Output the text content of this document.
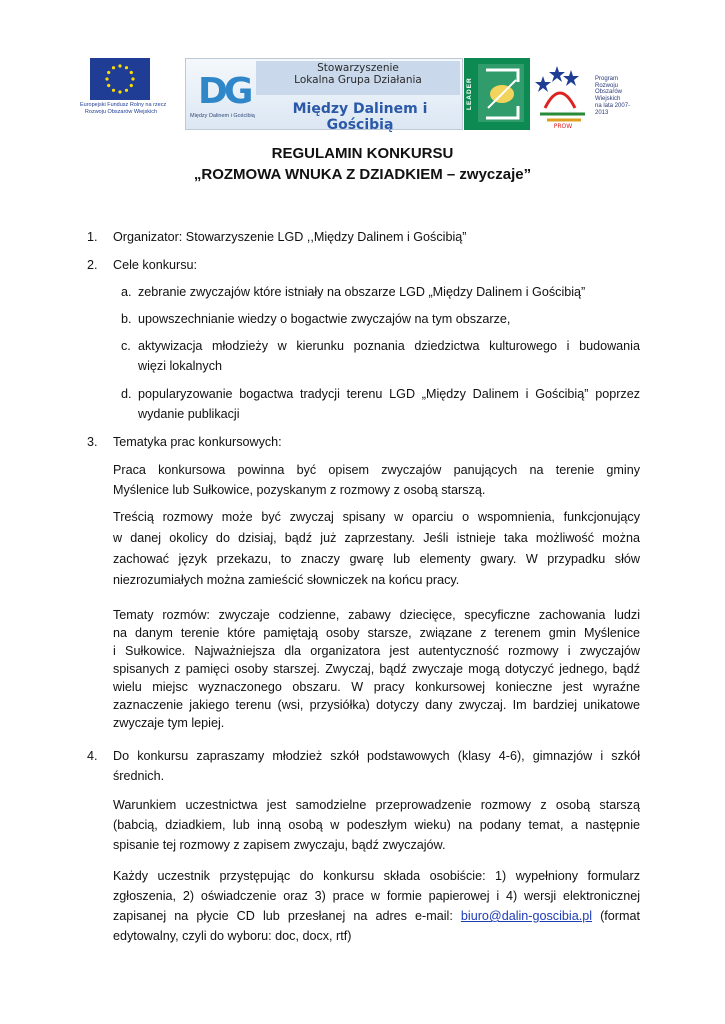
Europejski Fundusz Rolny na rzecz
Rozwoju Obszarów Wiejskich DG
Między Dalinem i Gościbią
Stowarzyszenie
Lokalna Grupa Działania
Między Dalinem i Gościbią
LEADER
PROW
Program
Rozwoju
Obszarów
Wiejskich
na lata 2007-2013
REGULAMIN KONKURSU
„ROZMOWA WNUKA Z DZIADKIEM – zwyczaje”
1. Organizator: Stowarzyszenie LGD ,,Między Dalinem i Gościbią”
2. Cele konkursu:
a. zebranie zwyczajów które istniały na obszarze LGD „Między Dalinem i Gościbią”
b. upowszechnianie wiedzy o bogactwie zwyczajów na tym obszarze,
c. aktywizacja młodzieży w kierunku poznania dziedzictwa kulturowego i budowania
więzi lokalnych
d. popularyzowanie bogactwa tradycji terenu LGD „Między Dalinem i Gościbią” poprzez
wydanie publikacji
3. Tematyka prac konkursowych:
Praca konkursowa powinna być opisem zwyczajów panujących na terenie gminy
Myślenice lub Sułkowice, pozyskanym z rozmowy z osobą starszą.
Treścią rozmowy może być zwyczaj spisany w oparciu o wspomnienia, funkcjonujący
w danej okolicy do dzisiaj, bądź już zaprzestany. Jeśli istnieje taka możliwość można
zachować język przekazu, to znaczy gwarę lub elementy gwary. W przypadku słów
niezrozumiałych można zamieścić słowniczek na końcu pracy.
Tematy rozmów: zwyczaje codzienne, zabawy dziecięce, specyficzne zachowania ludzi
na danym terenie które pamiętają osoby starsze, związane z terenem gmin Myślenice
i Sułkowice. Najważniejsza dla organizatora jest autentyczność rozmowy i zwyczajów
spisanych z pamięci osoby starszej. Zwyczaj, bądź zwyczaje mogą dotyczyć jednego, bądź
wielu miejsc wyznaczonego obszaru. W pracy konkursowej konieczne jest wyraźne
zaznaczenie jakiego terenu (wsi, przysiółka) dotyczy dany zwyczaj. Im bardziej unikatowe
zwyczaje tym lepiej.
4. Do konkursu zapraszamy młodzież szkół podstawowych (klasy 4-6), gimnazjów i szkół
średnich.
Warunkiem uczestnictwa jest samodzielne przeprowadzenie rozmowy z osobą starszą
(babcią, dziadkiem, lub inną osobą w podeszłym wieku) na podany temat, a następnie
spisanie tej rozmowy z zapisem zwyczaju, bądź zwyczajów.
Każdy uczestnik przystępując do konkursu składa osobiście: 1) wypełniony formularz
zgłoszenia, 2) oświadczenie oraz 3) prace w formie papierowej i 4) wersji elektronicznej
zapisanej na płycie CD lub przesłanej na adres e-mail: biuro@dalin-goscibia.pl (format
edytowalny, czyli do wyboru: doc, docx, rtf)
